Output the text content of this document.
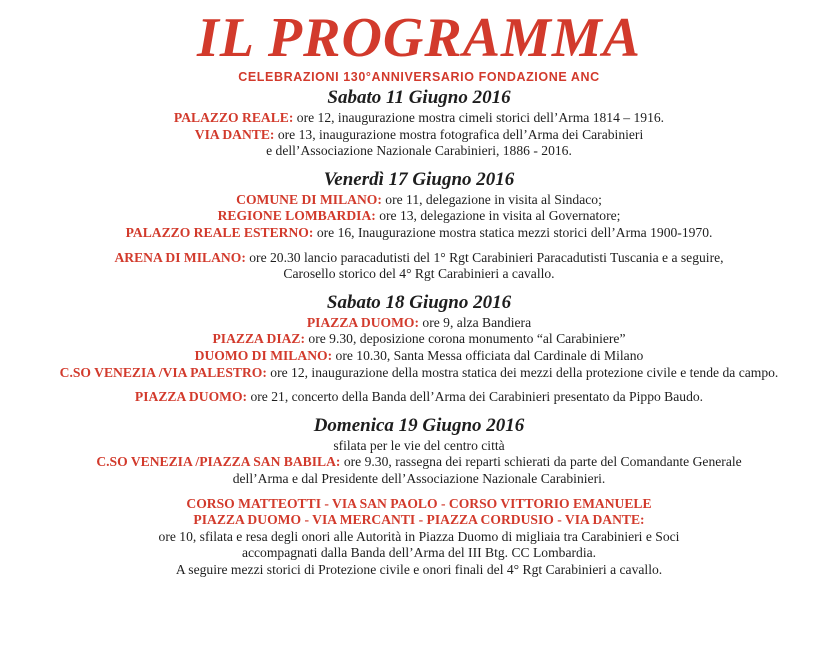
IL PROGRAMMA
CELEBRAZIONI 130°ANNIVERSARIO FONDAZIONE ANC
Sabato 11 Giugno 2016
PALAZZO REALE: ore 12, inaugurazione mostra cimeli storici dell’Arma 1814 – 1916.
VIA DANTE: ore 13, inaugurazione mostra fotografica dell’Arma dei Carabinieri
e dell’Associazione Nazionale Carabinieri, 1886 - 2016.
Venerdì 17 Giugno 2016
COMUNE DI MILANO: ore 11, delegazione in visita al Sindaco;
REGIONE LOMBARDIA: ore 13, delegazione in visita al Governatore;
PALAZZO REALE ESTERNO: ore 16, Inaugurazione mostra statica mezzi storici dell’Arma 1900-1970.
ARENA DI MILANO: ore 20.30 lancio paracadutisti del 1° Rgt Carabinieri Paracadutisti Tuscania e a seguire,
Carosello storico del 4° Rgt Carabinieri a cavallo.
Sabato 18 Giugno 2016
PIAZZA DUOMO: ore 9, alza Bandiera
PIAZZA DIAZ: ore 9.30, deposizione corona monumento “al Carabiniere”
DUOMO DI MILANO: ore 10.30, Santa Messa officiata dal Cardinale di Milano
C.SO VENEZIA /VIA PALESTRO: ore 12, inaugurazione della mostra statica dei mezzi della protezione civile e tende da campo.
PIAZZA DUOMO: ore 21, concerto della Banda dell’Arma dei Carabinieri presentato da Pippo Baudo.
Domenica 19 Giugno 2016
sfilata per le vie del centro città
C.SO VENEZIA /PIAZZA SAN BABILA: ore 9.30, rassegna dei reparti schierati da parte del Comandante Generale
dell’Arma e dal Presidente dell’Associazione Nazionale Carabinieri.
CORSO MATTEOTTI - VIA SAN PAOLO - CORSO VITTORIO EMANUELE
PIAZZA DUOMO - VIA MERCANTI - PIAZZA CORDUSIO - VIA DANTE:
ore 10, sfilata e resa degli onori alle Autorità in Piazza Duomo di migliaia tra Carabinieri e Soci
accompagnati dalla Banda dell’Arma del III Btg. CC Lombardia.
A seguire mezzi storici di Protezione civile e onori finali del 4° Rgt Carabinieri a cavallo.
